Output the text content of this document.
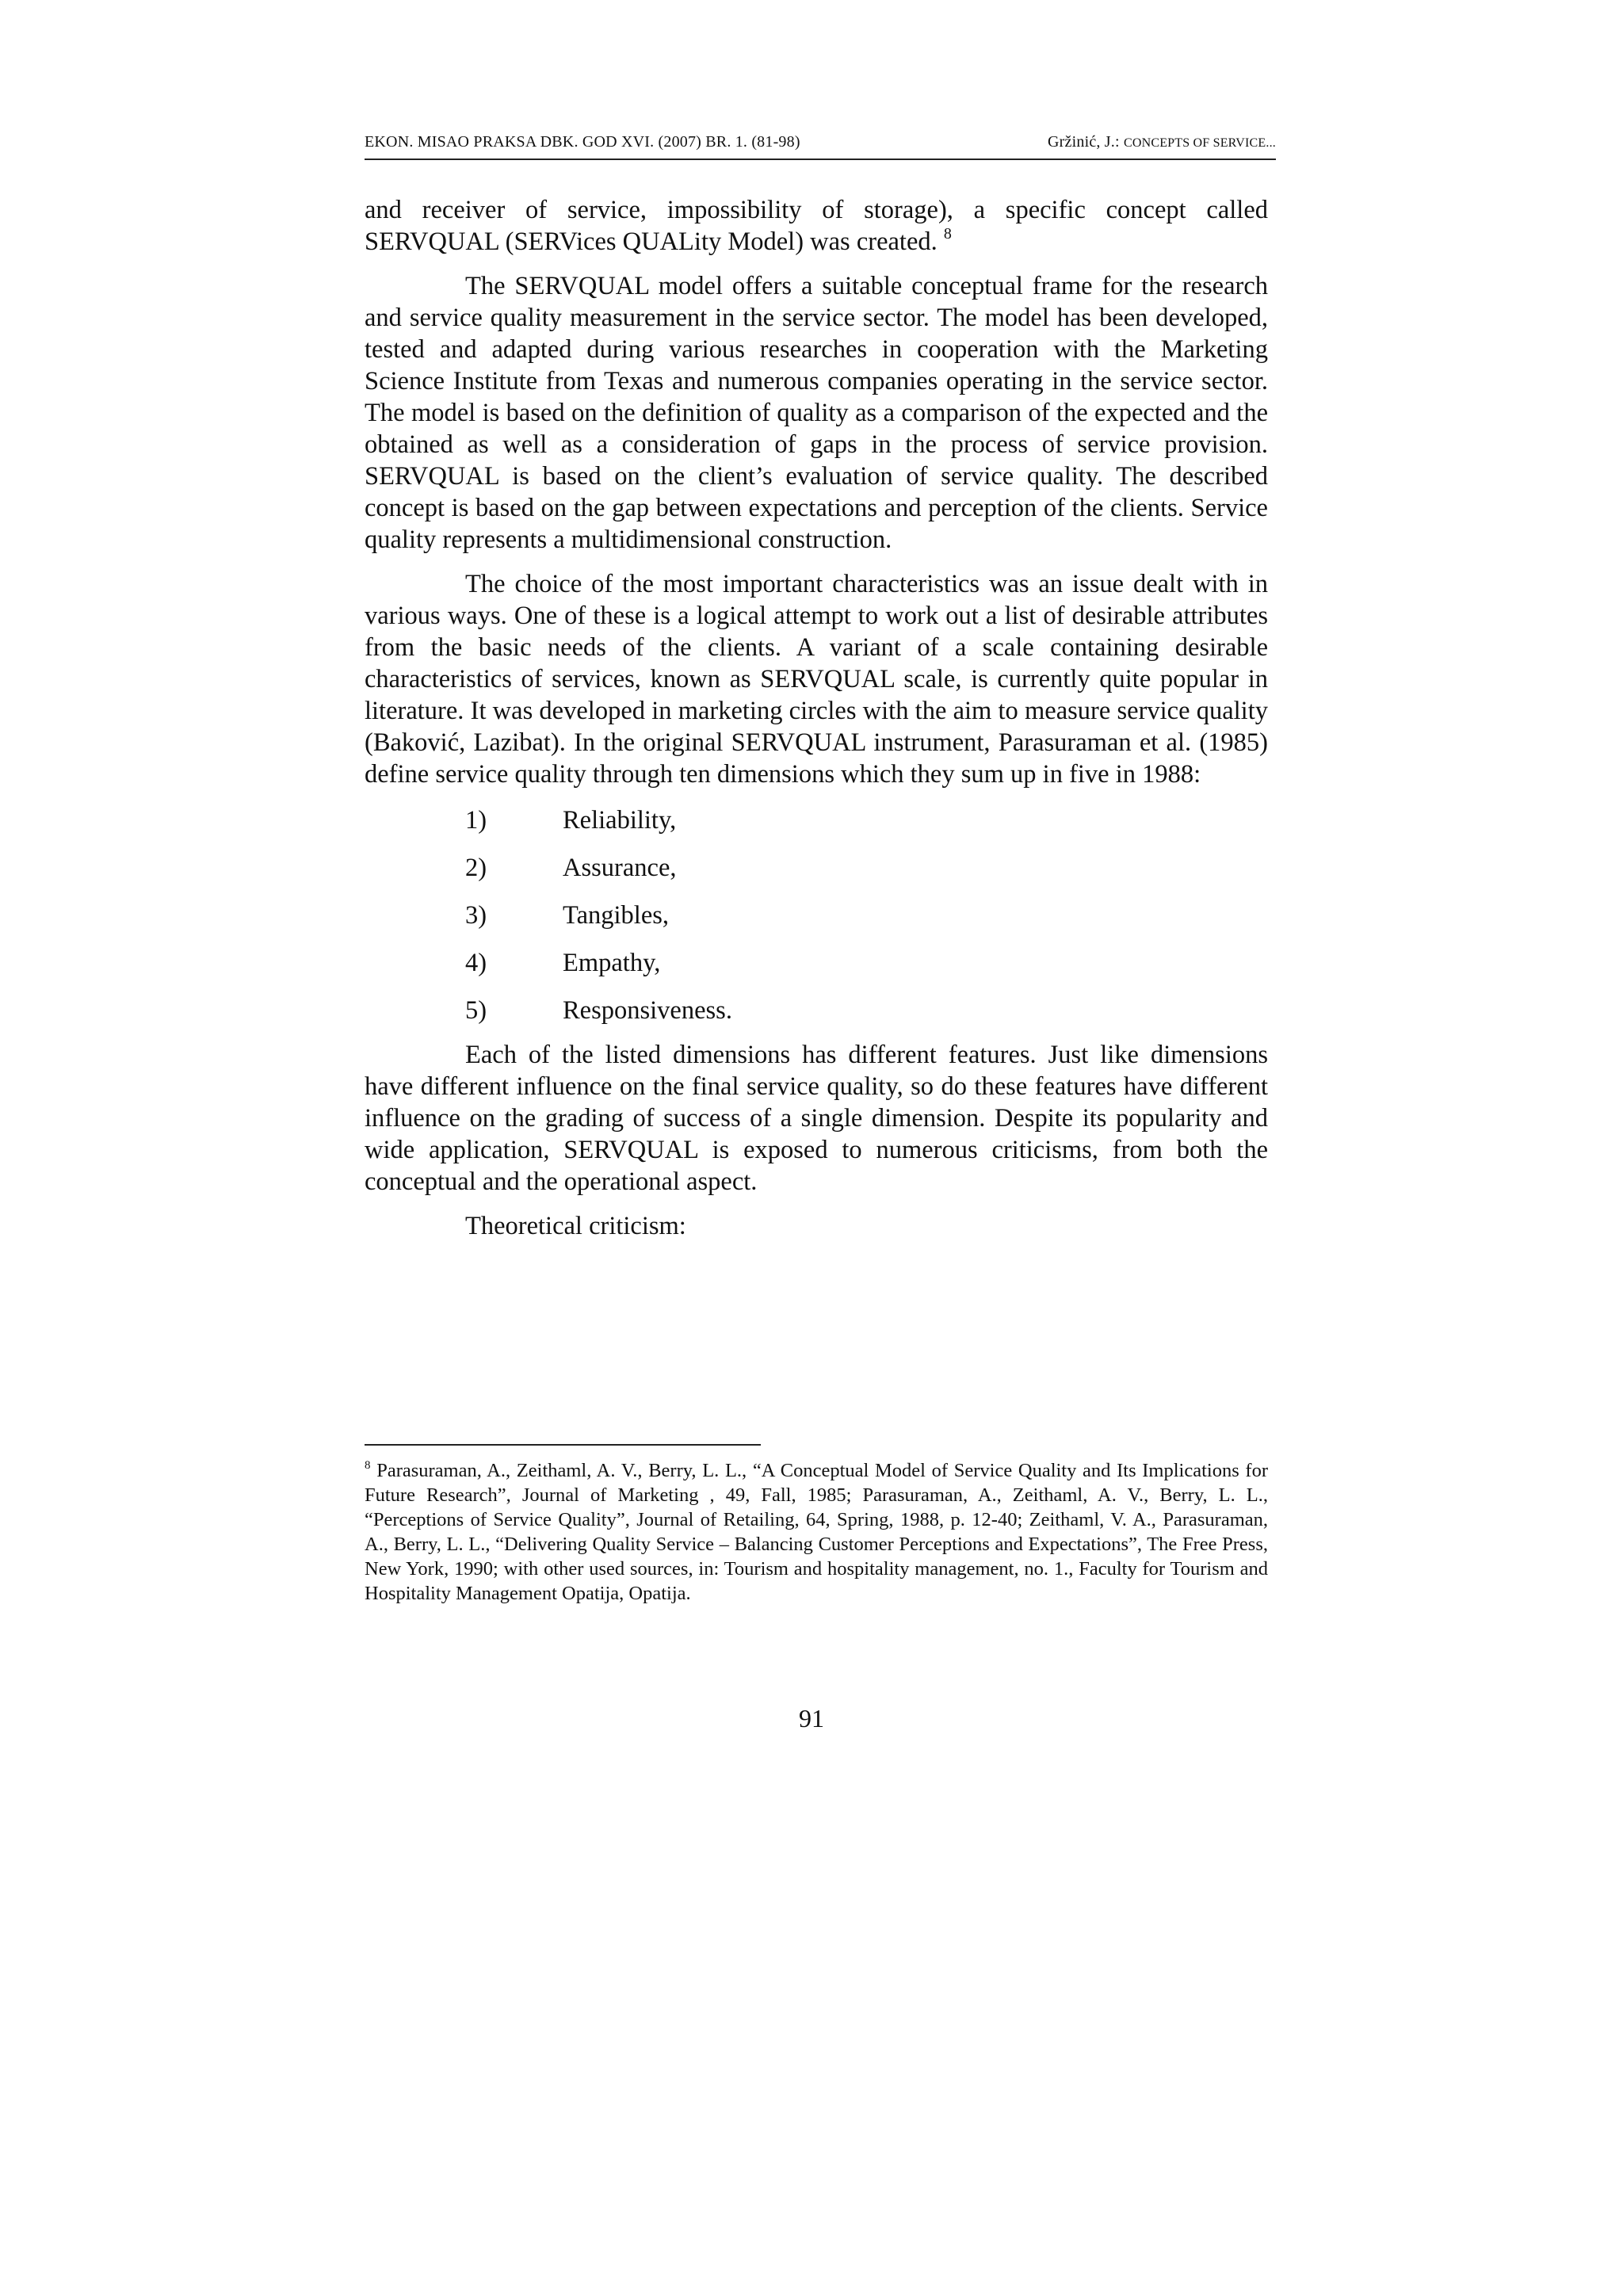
EKON. MISAO PRAKSA DBK. GOD XVI. (2007) BR. 1. (81-98)	Gržinić, J.: CONCEPTS OF SERVICE...

and receiver of service, impossibility of storage), a specific concept called SERVQUAL (SERVices QUALity Model) was created. $^8$

The SERVQUAL model offers a suitable conceptual frame for the research and service quality measurement in the service sector. The model has been developed, tested and adapted during various researches in cooperation with the Marketing Science Institute from Texas and numerous companies operating in the service sector. The model is based on the definition of quality as a comparison of the expected and the obtained as well as a consideration of gaps in the process of service provision. SERVQUAL is based on the client’s evaluation of service quality. The described concept is based on the gap between expectations and perception of the clients. Service quality represents a multidimensional construction.

The choice of the most important characteristics was an issue dealt with in various ways. One of these is a logical attempt to work out a list of desirable attributes from the basic needs of the clients. A variant of a scale containing desirable characteristics of services, known as SERVQUAL scale, is currently quite popular in literature. It was developed in marketing circles with the aim to measure service quality (Baković, Lazibat). In the original SERVQUAL instrument, Parasuraman et al. (1985) define service quality through ten dimensions which they sum up in five in 1988:

1)	Reliability,
2)	Assurance,
3)	Tangibles,
4)	Empathy,
5)	Responsiveness.

Each of the listed dimensions has different features. Just like dimensions have different influence on the final service quality, so do these features have different influence on the grading of success of a single dimension. Despite its popularity and wide application, SERVQUAL is exposed to numerous criticisms, from both the conceptual and the operational aspect.

Theoretical criticism:

$^8$ Parasuraman, A., Zeithaml, A. V., Berry, L. L., “A Conceptual Model of Service Quality and Its Implications for Future Research”, Journal of Marketing , 49, Fall, 1985; Parasuraman, A., Zeithaml, A. V., Berry, L. L., “Perceptions of Service Quality”, Journal of Retailing, 64, Spring, 1988, p. 12-40; Zeithaml, V. A., Parasuraman, A., Berry, L. L., “Delivering Quality Service – Balancing Customer Perceptions and Expectations”, The Free Press, New York, 1990; with other used sources, in: Tourism and hospitality management, no. 1., Faculty for Tourism and Hospitality Management Opatija, Opatija.
91
